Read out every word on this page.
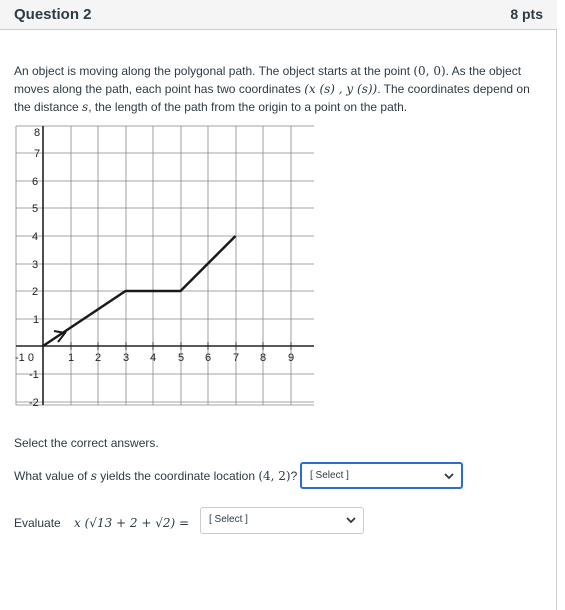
Question 2	8 pts
An object is moving along the polygonal path. The object starts at the point (0, 0). As the object moves along the path, each point has two coordinates (x (s) , y (s)). The coordinates depend on the distance s, the length of the path from the origin to a point on the path.
-1 0	1 2 3 4 5 6 7 8 9
8
7
6
5
4
3
2
1
-1
-2
Select the correct answers.
What value of s yields the coordinate location (4, 2)? [ Select ]
Evaluate x (√13 + 2 + √2) = [ Select ]
